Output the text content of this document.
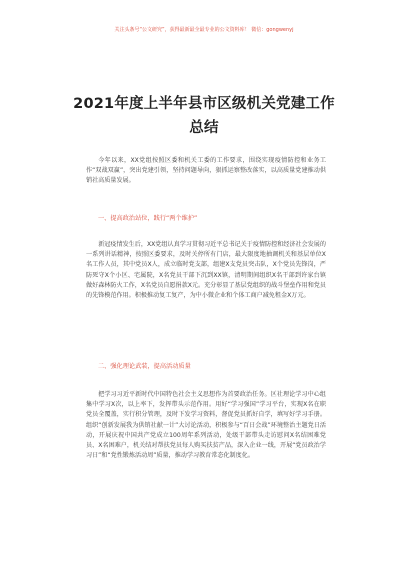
关注头条号“公文研究”，获得最新最全最专业的公文资料库！ 微信：gongwenyj
2021年度上半年县市区级机关党建工作
总结

今年以来，XX党组按照区委和机关工委的工作要求，围绕实现疫情防控和业务工作“双战双赢”，突出党建引领，坚持问题导向，狠抓运察整改落实，以高质量党建推动供销社高质量发展。

一、提高政治站位，践行“两个维护”

新冠疫情发生后，XX党组认真学习贯彻习近平总书记关于疫情防控和经济社会发展的一系列讲话精神，按照区委要求，及时关停所有门店，最大限度地抽调机关和基层单位X名工作人员，其中党员X人，成立临时党支部，组建X支党员突击队，X个党员先锋岗，严防死守X个小区、宅属院，X名党员干部下沉到XX镇，清明期间组织X名干部到许家台镇做好森林防火工作，X名党员自愿捐款X元。充分彰显了基层党组织的战斗堡垒作用和党员的先锋模范作用。积极推动复工复产，为中小微企业和个体工商户减免租金X万元。

二、强化理论武装，提高活动质量

把学习习近平新时代中国特色社会主义思想作为首要政治任务。区社理论学习中心组集中学习X次，以上率下，发挥带头示范作用。用好“学习强国”学习平台，实现X名在职党员全覆盖，实行积分管理，及时下发学习资料，督促党员抓好自学，填写好学习手册。组织“创新发展我为供销社献一计”大讨论活动，积极参与“百日会战”环境整治主题党日活动，开展庆祝中国共产党成立100周年系列活动，处级干部带头走访慰问X名结困难党员、X名困难户，机关结对帮扶党员每人购买扶贫产品，深入企业一线，开展“党员政治学习日”和“党性锻炼活动周”质量，推动学习教育常态化制度化。
